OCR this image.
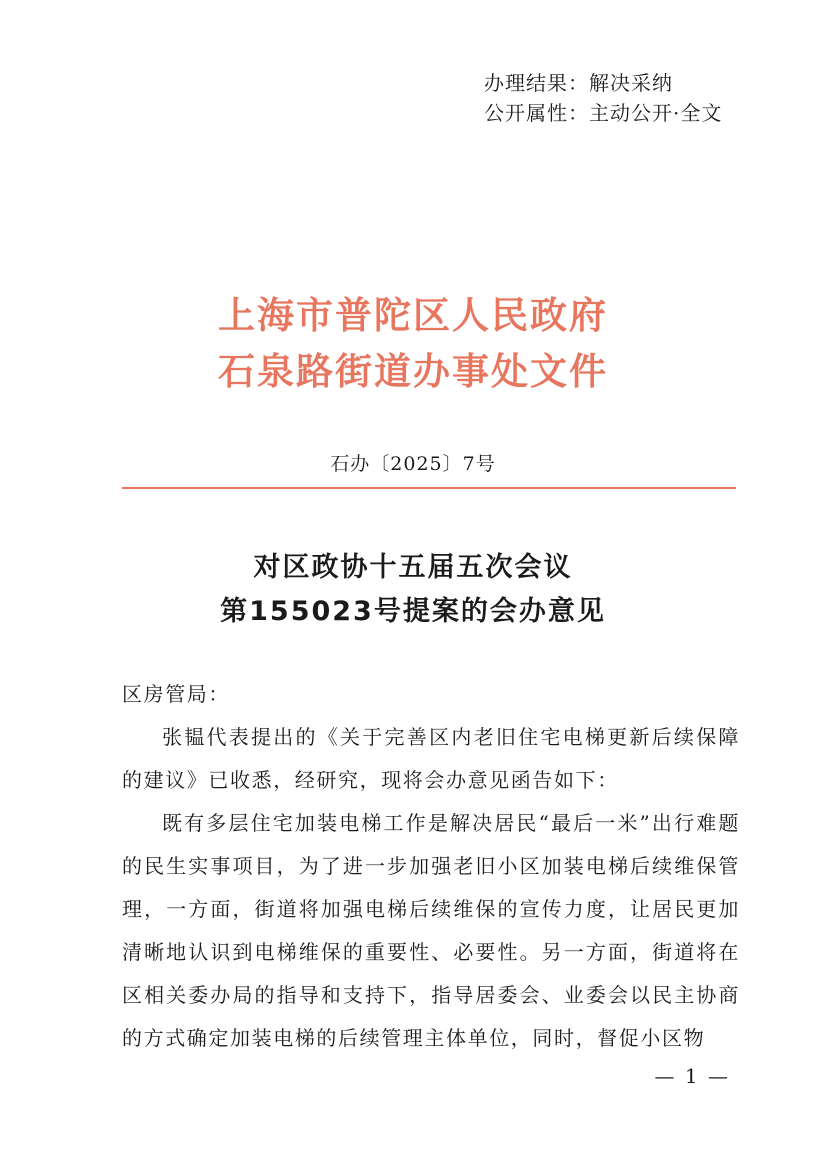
办理结果：解决采纳
公开属性：主动公开·全文
上海市普陀区人民政府
石泉路街道办事处文件
石办〔2025〕7号
对区政协十五届五次会议
第155023号提案的会办意见

区房管局：

张韫代表提出的《关于完善区内老旧住宅电梯更新后续保障的建议》已收悉，经研究，现将会办意见函告如下：

既有多层住宅加装电梯工作是解决居民“最后一米”出行难题的民生实事项目，为了进一步加强老旧小区加装电梯后续维保管理，一方面，街道将加强电梯后续维保的宣传力度，让居民更加清晰地认识到电梯维保的重要性、必要性。另一方面，街道将在区相关委办局的指导和支持下，指导居委会、业委会以民主协商的方式确定加装电梯的后续管理主体单位，同时，督促小区物

— 1 —
